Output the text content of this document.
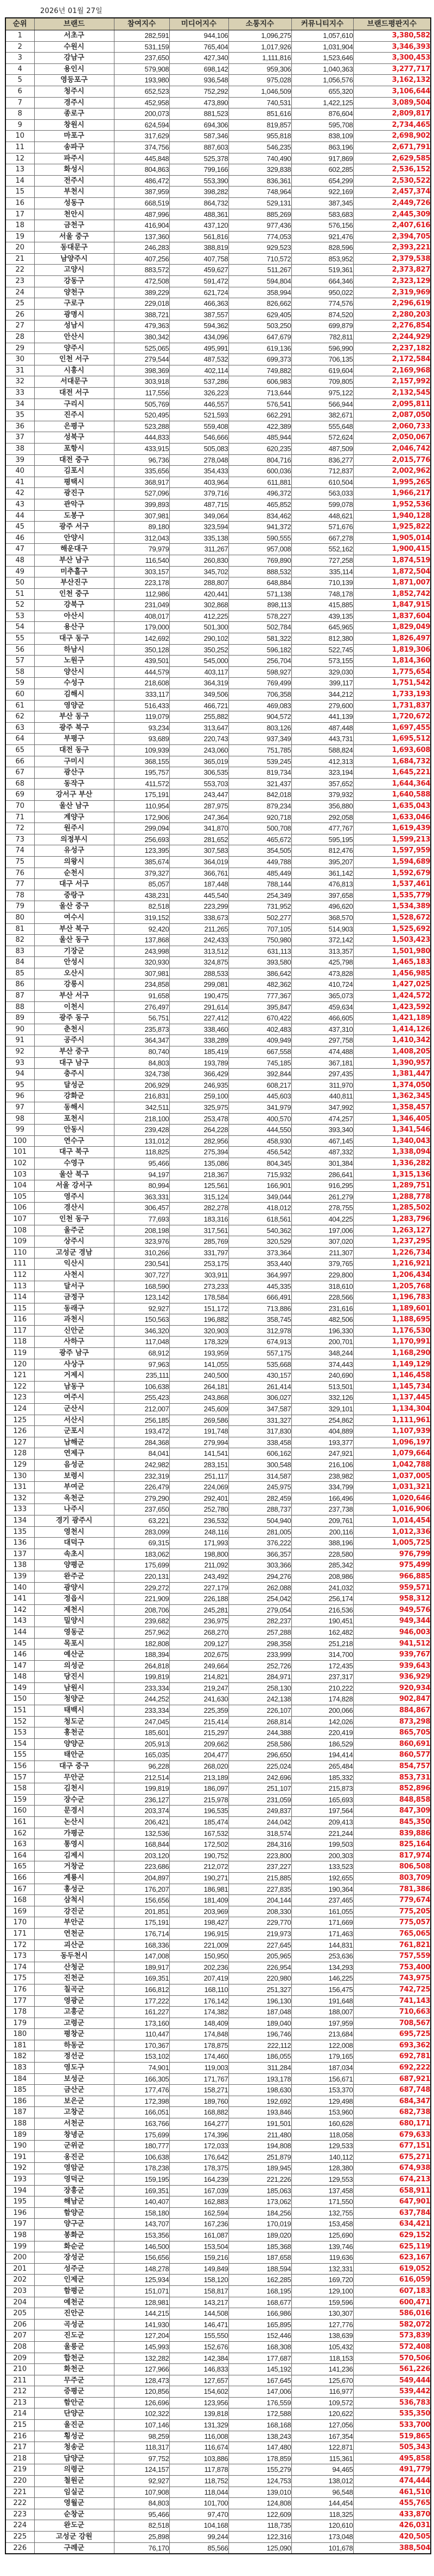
2026년 01월 27일
순위	브랜드	참여지수	미디어지수	소통지수	커뮤니티지수	브랜드평판지수
1	서초구	282,591	944,106	1,096,275	1,057,610	3,380,582
2	수원시	531,159	765,404	1,017,926	1,031,904	3,346,393
3	강남구	237,650	427,340	1,111,816	1,523,646	3,300,453
4	용인시	579,908	698,142	959,306	1,040,363	3,277,717
5	영등포구	193,980	936,548	975,028	1,056,576	3,162,132
6	청주시	652,523	752,292	1,046,509	655,320	3,106,644
7	경주시	452,958	473,890	740,531	1,422,125	3,089,504
8	종로구	200,073	881,523	851,616	876,604	2,809,817
9	창원시	624,594	694,306	819,857	595,708	2,734,465
10	마포구	317,629	587,346	955,818	838,109	2,698,902
11	송파구	374,756	887,603	546,235	863,196	2,671,791
12	파주시	445,848	525,378	740,490	917,869	2,629,585
13	화성시	804,863	799,166	329,838	602,285	2,536,152
14	전주시	486,472	553,390	836,361	654,299	2,530,522
15	부천시	387,959	398,282	748,964	922,169	2,457,374
16	성동구	668,519	864,732	529,131	387,345	2,449,726
17	천안시	487,996	488,361	885,269	583,683	2,445,309
18	금천구	416,904	437,120	977,436	576,156	2,407,616
19	서울 중구	137,360	561,816	774,053	921,476	2,394,705
20	동대문구	246,283	388,819	929,523	828,596	2,393,221
21	남양주시	407,256	407,758	710,572	853,952	2,379,538
22	고양시	883,572	459,627	511,267	519,361	2,373,827
23	강동구	472,508	591,472	594,804	664,346	2,323,129
24	양천구	389,229	621,724	358,994	950,022	2,319,969
25	구로구	229,018	466,363	826,662	774,576	2,296,619
26	광명시	388,721	387,557	629,405	874,520	2,280,203
27	성남시	479,363	594,362	503,250	699,879	2,276,854
28	안산시	380,342	434,096	647,679	782,811	2,244,929
29	양주시	525,065	495,991	619,136	596,990	2,237,182
30	인천 서구	279,544	487,532	699,373	706,135	2,172,584
31	시흥시	398,369	402,114	749,882	619,604	2,169,968
32	서대문구	303,918	537,286	606,983	709,805	2,157,992
33	대전 서구	117,556	326,223	713,644	975,122	2,132,545
34	구리시	505,769	446,557	576,541	566,944	2,095,811
35	진주시	520,495	521,593	662,291	382,671	2,087,050
36	은평구	523,288	559,408	422,389	555,648	2,060,733
37	성북구	444,833	546,666	485,944	572,624	2,050,067
38	포항시	433,915	505,083	620,235	487,509	2,046,742
39	대전 중구	96,736	278,048	804,716	836,277	2,015,776
40	김포시	335,656	354,433	600,036	712,837	2,002,962
41	평택시	368,917	403,964	611,881	610,504	1,995,265
42	광진구	527,096	379,716	496,372	563,033	1,966,217
43	관악구	399,893	487,715	465,852	599,078	1,952,536
44	도봉구	307,981	349,064	834,462	448,621	1,940,128
45	광주 서구	89,180	323,594	941,372	571,676	1,925,822
46	안양시	312,043	335,138	590,555	667,278	1,905,014
47	해운대구	79,979	311,267	957,008	552,162	1,900,415
48	부산 남구	116,540	260,830	769,890	727,258	1,874,519
49	미추홀구	303,157	345,702	888,532	335,114	1,872,504
50	부산진구	223,178	288,807	648,884	710,139	1,871,007
51	인천 중구	112,986	420,441	571,138	748,178	1,852,742
52	강북구	231,049	302,868	898,113	415,885	1,847,915
53	아산시	408,017	412,225	578,227	439,135	1,837,604
54	용산구	179,000	501,300	502,784	645,965	1,829,049
55	대구 동구	142,692	290,102	581,322	812,380	1,826,497
56	하남시	350,128	350,252	596,182	522,745	1,819,306
57	노원구	439,501	545,000	256,704	573,155	1,814,360
58	양산시	444,579	403,117	598,927	329,030	1,775,654
59	수성구	218,608	364,319	769,499	399,117	1,751,542
60	김해시	333,117	349,506	706,358	344,212	1,733,193
61	영양군	516,433	466,721	469,083	279,600	1,731,837
62	부산 동구	119,079	255,882	904,572	441,139	1,720,672
63	광주 북구	93,234	313,647	803,126	487,448	1,697,455
64	부평구	93,689	220,743	937,349	443,731	1,695,512
65	대전 동구	109,939	243,060	751,785	588,824	1,693,608
66	구미시	368,155	365,019	539,245	412,313	1,684,732
67	광산구	195,757	306,535	819,734	323,194	1,645,221
68	동작구	411,572	553,703	321,437	357,652	1,644,364
69	강서구 부산	175,191	243,447	842,018	379,932	1,640,588
70	울산 남구	110,954	287,975	879,234	356,880	1,635,043
71	계양구	172,906	247,364	920,718	292,058	1,633,046
72	원주시	299,094	341,870	500,708	477,767	1,619,439
73	의정부시	256,693	281,652	465,672	595,195	1,599,213
74	유성구	123,395	307,583	354,505	812,476	1,597,959
75	의왕시	385,674	364,019	449,788	395,207	1,594,689
76	순천시	379,327	366,761	485,449	361,142	1,592,679
77	대구 서구	85,057	187,448	788,144	476,813	1,537,461
78	중랑구	438,231	445,540	254,349	397,658	1,535,779
79	울산 중구	82,518	223,299	731,952	496,620	1,534,389
80	여수시	319,152	338,673	502,277	368,570	1,528,672
81	부산 북구	92,420	211,265	707,105	514,903	1,525,692
82	울산 동구	137,868	242,433	750,980	372,142	1,503,423
83	기장군	243,998	313,512	631,113	313,357	1,501,980
84	안성시	320,930	324,875	393,580	425,798	1,465,183
85	오산시	307,981	288,533	386,642	473,828	1,456,985
86	강릉시	234,858	299,081	482,362	410,724	1,427,025
87	부산 서구	91,658	190,475	777,367	365,073	1,424,572
88	이천시	276,497	291,614	395,847	459,634	1,423,592
89	광주 동구	56,751	227,412	670,422	466,605	1,421,189
90	춘천시	235,873	338,460	402,483	437,310	1,414,126
91	공주시	364,347	338,289	409,949	297,758	1,410,342
92	부산 중구	80,740	185,419	667,558	474,488	1,408,205
93	대구 남구	84,803	193,789	745,185	367,181	1,390,957
94	충주시	324,738	366,429	392,844	297,435	1,381,447
95	달성군	206,929	246,935	608,217	311,970	1,374,050
96	강화군	216,831	259,100	445,603	440,811	1,362,345
97	동해시	342,511	325,975	341,979	347,992	1,358,457
98	포천시	218,100	253,478	400,570	474,257	1,346,405
99	안동시	239,428	264,228	444,550	393,340	1,341,546
100	연수구	131,012	282,956	458,930	467,145	1,340,043
101	대구 북구	118,825	275,394	456,542	487,332	1,338,094
102	수영구	95,466	135,086	804,345	301,384	1,336,282
103	울산 북구	94,197	218,367	715,932	286,641	1,315,136
104	서울 강서구	80,994	125,561	166,901	916,295	1,289,751
105	영주시	363,331	315,124	349,044	261,279	1,288,778
106	경산시	306,457	282,278	418,012	278,755	1,285,502
107	인천 동구	77,693	183,316	618,561	404,225	1,283,796
108	울주군	208,198	317,561	540,362	197,006	1,263,127
109	상주시	323,976	285,769	320,529	307,020	1,237,295
110	고성군 경남	310,266	331,797	373,364	211,307	1,226,734
111	익산시	230,541	253,175	353,440	379,765	1,216,921
112	사천시	307,727	303,911	364,997	229,800	1,206,434
113	달서구	168,590	273,233	445,335	318,610	1,205,768
114	금정구	123,142	178,584	666,491	228,566	1,196,783
115	동래구	92,927	151,172	713,886	231,616	1,189,601
116	과천시	150,563	196,882	358,745	482,506	1,188,695
117	신안군	346,320	320,903	312,978	196,330	1,176,530
118	사하구	117,048	178,329	674,913	200,701	1,170,991
119	광주 남구	68,912	193,959	557,175	348,244	1,168,290
120	사상구	97,963	141,055	535,668	374,443	1,149,129
121	거제시	235,111	240,500	430,157	240,690	1,146,458
122	남동구	106,638	264,181	261,414	513,501	1,145,734
123	여주시	255,423	243,868	306,027	332,126	1,137,445
124	군산시	212,007	245,609	347,587	329,101	1,134,304
125	서산시	256,185	269,586	331,327	254,862	1,111,961
126	군포시	193,472	191,748	317,830	404,889	1,107,939
127	남해군	284,368	279,994	338,458	193,377	1,096,197
128	연제구	84,041	141,541	606,162	247,921	1,079,664
129	음성군	242,982	283,151	300,548	216,106	1,042,788
130	보령시	232,319	251,117	314,587	238,982	1,037,005
131	부여군	226,479	224,069	245,975	334,799	1,031,321
132	옥천군	279,290	292,401	282,459	166,496	1,020,646
133	나주시	237,650	252,780	288,737	237,738	1,016,906
134	경기 광주시	63,221	236,532	504,940	209,761	1,014,454
135	영천시	283,099	248,116	281,005	200,116	1,012,336
136	대덕구	69,315	171,993	376,222	388,196	1,005,725
137	속초시	183,062	198,800	366,357	228,580	976,799
138	양평군	175,699	211,092	303,366	285,342	975,499
139	완주군	220,131	243,492	294,276	208,986	966,885
140	광양시	229,272	227,179	262,088	241,032	959,571
141	정읍시	221,909	226,188	254,042	256,174	958,312
142	제천시	208,706	245,281	279,054	216,536	949,576
143	밀양시	239,682	236,975	282,237	190,451	949,344
144	영동군	257,962	268,270	257,288	162,482	946,003
145	목포시	182,808	209,127	298,358	251,218	941,512
146	예산군	188,394	202,675	233,999	314,700	939,767
147	의성군	264,818	249,664	252,726	172,435	939,643
148	당진시	199,819	214,821	284,971	237,317	936,929
149	남원시	233,334	219,247	258,130	210,222	920,934
150	청양군	244,252	241,630	242,138	174,828	902,847
151	태백시	233,334	225,359	226,107	200,066	884,867
152	청도군	247,045	215,414	268,814	142,026	873,298
153	홍천군	185,601	215,297	244,388	220,419	865,705
154	양양군	205,913	209,662	258,586	186,529	860,691
155	태안군	165,035	204,477	296,650	194,414	860,577
156	대구 중구	96,228	268,020	225,024	265,484	854,757
157	무안군	212,514	213,189	242,696	185,332	853,731
158	김천시	199,819	186,097	251,107	215,873	852,896
159	장수군	236,127	215,978	231,059	165,693	848,858
160	문경시	203,374	196,535	249,837	197,564	847,309
161	논산시	206,421	185,474	244,042	209,413	845,350
162	가평군	132,536	167,532	318,574	221,244	839,886
163	통영시	168,844	172,502	284,316	199,503	825,164
164	김제시	203,120	190,752	223,800	200,303	817,974
165	거창군	223,686	212,072	237,227	133,523	806,508
166	계룡시	204,897	190,271	215,885	192,655	803,709
167	홍성군	176,207	186,981	227,835	190,364	781,386
168	삼척시	156,656	181,409	204,144	237,465	779,674
169	강진군	201,851	203,969	208,330	161,055	775,205
170	부안군	175,191	198,427	229,770	171,669	775,057
171	연천군	176,714	196,915	219,973	171,463	765,065
172	괴산군	168,336	221,009	227,645	144,831	761,821
173	동두천시	147,008	150,950	205,965	253,636	757,559
174	산청군	189,917	202,236	226,954	134,293	753,400
175	진천군	169,351	207,419	220,980	146,225	743,975
176	칠곡군	166,812	168,110	251,327	156,475	742,725
177	영광군	177,222	176,142	196,130	191,648	741,143
178	고흥군	161,227	174,382	187,048	188,007	710,663
179	고령군	173,160	148,409	189,040	197,959	708,567
180	평창군	110,447	174,848	196,746	213,684	695,725
181	하동군	170,367	178,875	222,112	122,008	693,362
182	정선군	153,102	174,460	186,055	179,165	692,781
183	영도구	74,901	119,003	311,284	187,034	692,222
184	보성군	166,305	171,767	193,178	156,671	687,921
185	금산군	177,476	158,271	198,630	153,370	687,748
186	보은군	172,398	189,760	192,692	129,498	684,347
187	고창군	166,051	168,882	193,846	153,960	682,738
188	서천군	163,766	164,277	191,501	160,628	680,171
189	창녕군	175,699	174,396	211,480	118,058	679,633
190	군위군	180,777	172,033	194,808	129,533	677,151
191	옹진군	106,638	176,642	251,879	140,112	675,271
192	영암군	178,238	178,375	189,945	128,380	674,938
193	영덕군	159,195	164,239	221,226	129,553	674,213
194	장흥군	169,351	167,039	185,063	137,458	658,911
195	해남군	140,407	162,883	173,062	171,550	647,901
196	함양군	158,180	162,594	184,256	132,755	637,784
197	양구군	143,707	167,236	170,019	153,458	634,421
198	봉화군	153,356	161,087	189,020	125,690	629,152
199	화순군	146,500	153,504	185,368	139,746	625,119
200	장성군	156,656	159,216	187,658	119,636	623,167
201	성주군	148,278	149,849	188,594	132,331	619,052
202	인제군	125,934	158,120	162,285	169,720	616,059
203	함평군	151,071	158,817	168,195	129,100	607,183
204	예천군	128,981	143,217	168,677	159,596	600,471
205	진안군	144,215	144,508	166,986	130,307	586,016
206	곡성군	141,930	146,471	165,895	127,776	582,072
207	진도군	127,204	155,550	152,446	138,639	573,839
208	울릉군	145,993	152,676	168,308	105,432	572,408
209	합천군	132,282	142,384	177,687	118,153	570,506
210	화천군	127,966	146,833	145,192	141,236	561,226
211	무주군	128,473	127,657	167,645	125,670	549,444
212	증평군	120,856	154,602	147,006	116,977	539,442
213	함안군	126,696	123,956	176,559	109,572	536,783
214	단양군	102,322	139,818	172,588	120,622	535,350
215	울진군	107,146	131,329	168,168	127,056	533,700
216	횡성군	98,259	116,008	138,243	167,354	519,865
217	청송군	118,317	116,674	147,480	122,871	505,343
218	담양군	97,752	103,886	178,859	115,361	495,858
219	의령군	124,157	117,878	155,279	94,465	491,779
220	철원군	92,927	118,752	124,753	138,012	474,444
221	임실군	107,908	118,044	139,010	96,548	461,510
222	영월군	84,803	101,700	124,808	144,454	455,765
223	순창군	95,466	97,470	122,609	118,325	433,870
224	완도군	82,518	104,168	118,735	120,610	426,031
225	고성군 강원	25,898	99,244	122,316	173,048	420,505
226	구례군	76,170	85,566	125,090	101,678	388,504
